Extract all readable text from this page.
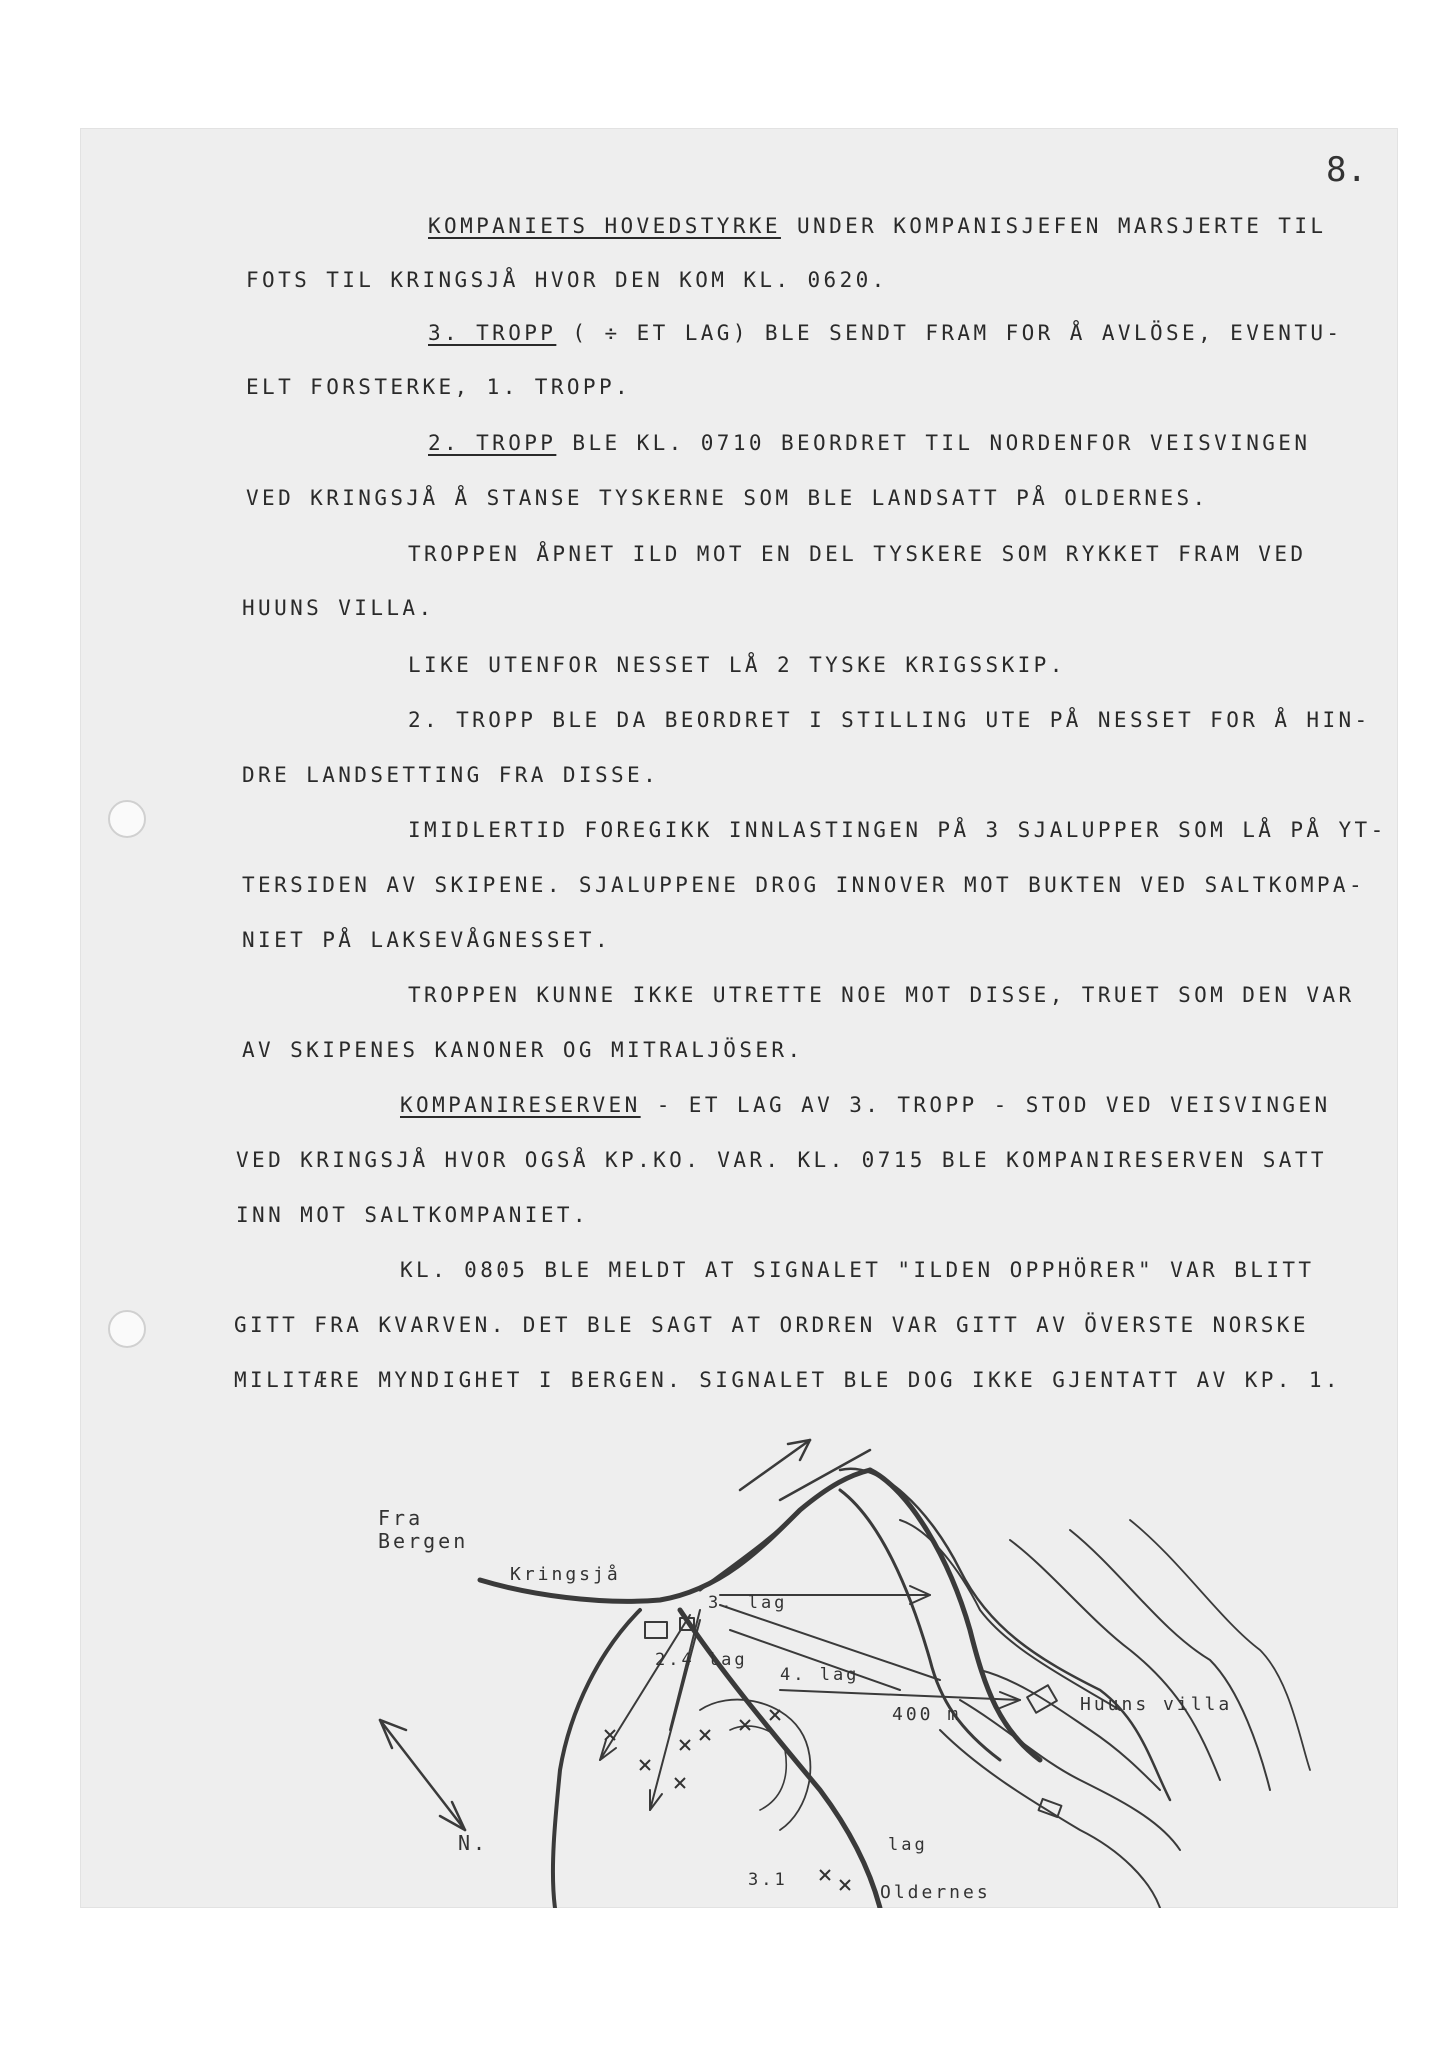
8.
KOMPANIETS HOVEDSTYRKE UNDER KOMPANISJEFEN MARSJERTE TIL
FOTS TIL KRINGSJÅ HVOR DEN KOM KL. 0620.
3. TROPP ( ÷ ET LAG) BLE SENDT FRAM FOR Å AVLÖSE, EVENTU-
ELT FORSTERKE, 1. TROPP.
2. TROPP BLE KL. 0710 BEORDRET TIL NORDENFOR VEISVINGEN
VED KRINGSJÅ Å STANSE TYSKERNE SOM BLE LANDSATT PÅ OLDERNES.
TROPPEN ÅPNET ILD MOT EN DEL TYSKERE SOM RYKKET FRAM VED
HUUNS VILLA.
LIKE UTENFOR NESSET LÅ 2 TYSKE KRIGSSKIP.
2. TROPP BLE DA BEORDRET I STILLING UTE PÅ NESSET FOR Å HIN-
DRE LANDSETTING FRA DISSE.
IMIDLERTID FOREGIKK INNLASTINGEN PÅ 3 SJALUPPER SOM LÅ PÅ YT-
TERSIDEN AV SKIPENE. SJALUPPENE DROG INNOVER MOT BUKTEN VED SALTKOMPA-
NIET PÅ LAKSEVÅGNESSET.
TROPPEN KUNNE IKKE UTRETTE NOE MOT DISSE, TRUET SOM DEN VAR
AV SKIPENES KANONER OG MITRALJÖSER.
KOMPANIRESERVEN - ET LAG AV 3. TROPP - STOD VED VEISVINGEN
VED KRINGSJÅ HVOR OGSÅ KP.KO. VAR. KL. 0715 BLE KOMPANIRESERVEN SATT
INN MOT SALTKOMPANIET.
KL. 0805 BLE MELDT AT SIGNALET "ILDEN OPPHÖRER" VAR BLITT
GITT FRA KVARVEN. DET BLE SAGT AT ORDREN VAR GITT AV ÖVERSTE NORSKE
MILITÆRE MYNDIGHET I BERGEN. SIGNALET BLE DOG IKKE GJENTATT AV KP. 1.
Fra
Bergen
Kringsjå
3. lag
2.4 lag
4. lag
400 m	Huuns villa
N.	lag
3.1
Oldernes
